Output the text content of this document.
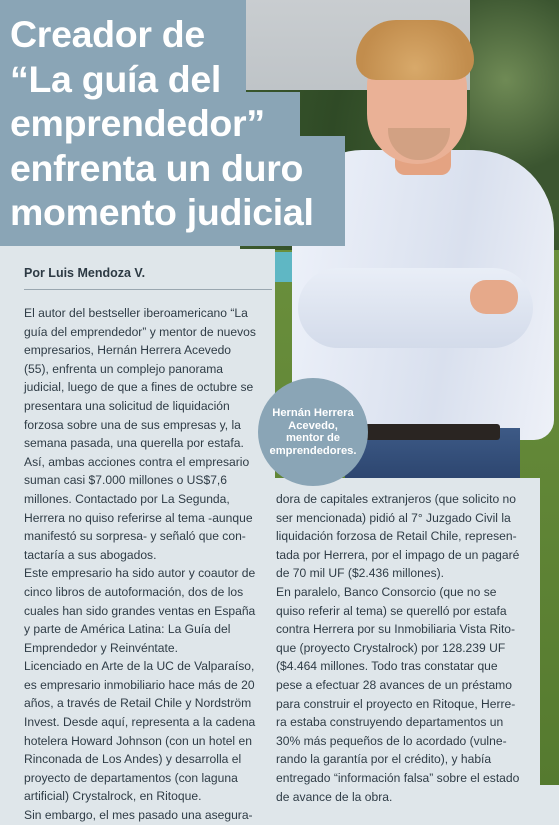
Creador de
“La guía del
emprendedor”
enfrenta un duro
momento judicial

Por Luis Mendoza V.

El autor del bestseller iberoamericano “La
guía del emprendedor” y mentor de nuevos
empresarios, Hernán Herrera Acevedo
(55), enfrenta un complejo panorama
judicial, luego de que a fines de octubre se
presentara una solicitud de liquidación
forzosa sobre una de sus empresas y, la
semana pasada, una querella por estafa.
Así, ambas acciones contra el empresario
suman casi $7.000 millones o US$7,6
millones. Contactado por La Segunda,
Herrera no quiso referirse al tema -aunque
manifestó su sorpresa- y señaló que con-
tactaría a sus abogados.
Este empresario ha sido autor y coautor de
cinco libros de autoformación, dos de los
cuales han sido grandes ventas en España
y parte de América Latina: La Guía del
Emprendedor y Reinvéntate.
Licenciado en Arte de la UC de Valparaíso,
es empresario inmobiliario hace más de 20
años, a través de Retail Chile y Nordström
Invest. Desde aquí, representa a la cadena
hotelera Howard Johnson (con un hotel en
Rinconada de Los Andes) y desarrolla el
proyecto de departamentos (con laguna
artificial) Crystalrock, en Ritoque.
Sin embargo, el mes pasado una asegura-
dora de capitales extranjeros (que solicito no
ser mencionada) pidió al 7° Juzgado Civil la
liquidación forzosa de Retail Chile, represen-
tada por Herrera, por el impago de un pagaré
de 70 mil UF ($2.436 millones).
En paralelo, Banco Consorcio (que no se
quiso referir al tema) se querelló por estafa
contra Herrera por su Inmobiliaria Vista Rito-
que (proyecto Crystalrock) por 128.239 UF
($4.464 millones. Todo tras constatar que
pese a efectuar 28 avances de un préstamo
para construir el proyecto en Ritoque, Herre-
ra estaba construyendo departamentos un
30% más pequeños de lo acordado (vulne-
rando la garantía por el crédito), y había
entregado “información falsa” sobre el estado
de avance de la obra.

Hernán Herrera
Acevedo,
mentor de
emprendedores.
